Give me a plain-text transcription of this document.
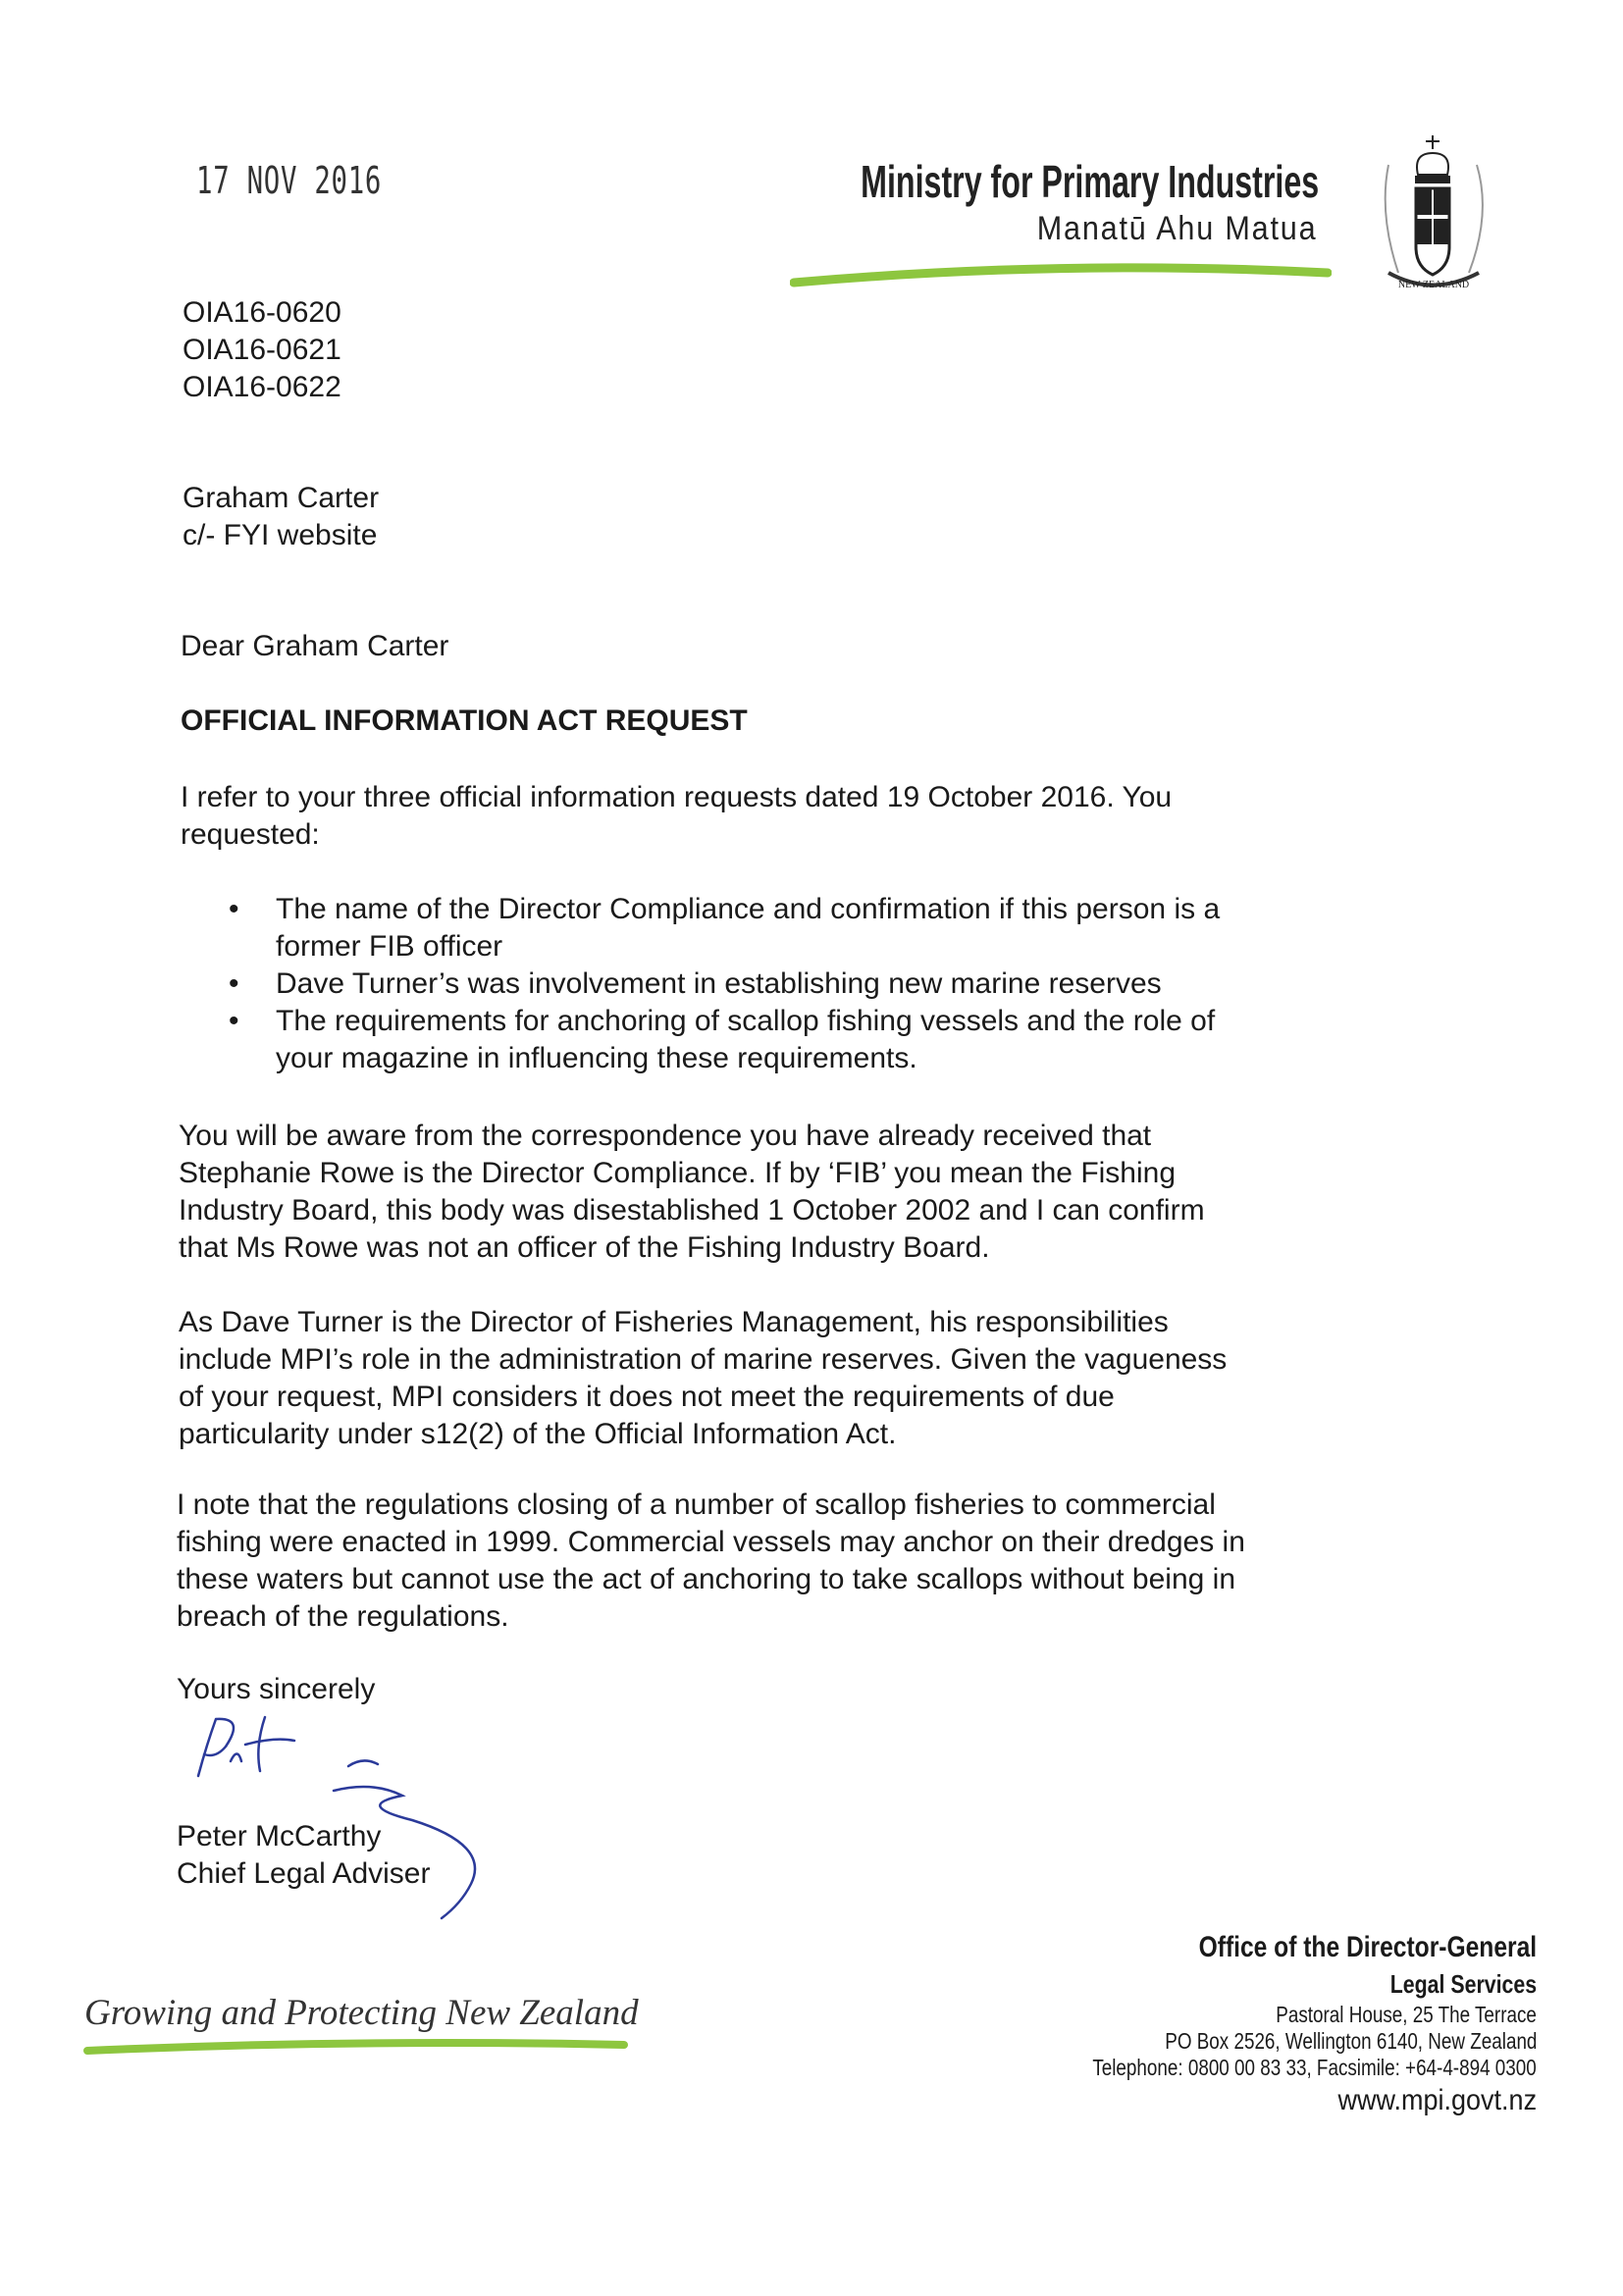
17 NOV 2016	Ministry for Primary Industries
Manatū Ahu Matua
NEW ZEALAND
OIA16-0620
OIA16-0621
OIA16-0622
Graham Carter
c/- FYI website
Dear Graham Carter
OFFICIAL INFORMATION ACT REQUEST
I refer to your three official information requests dated 19 October 2016. You
requested:
• The name of the Director Compliance and confirmation if this person is a
former FIB officer
• Dave Turner’s was involvement in establishing new marine reserves
• The requirements for anchoring of scallop fishing vessels and the role of
your magazine in influencing these requirements.
You will be aware from the correspondence you have already received that
Stephanie Rowe is the Director Compliance. If by ‘FIB’ you mean the Fishing
Industry Board, this body was disestablished 1 October 2002 and I can confirm
that Ms Rowe was not an officer of the Fishing Industry Board.
As Dave Turner is the Director of Fisheries Management, his responsibilities
include MPI’s role in the administration of marine reserves. Given the vagueness
of your request, MPI considers it does not meet the requirements of due
particularity under s12(2) of the Official Information Act.
I note that the regulations closing of a number of scallop fisheries to commercial
fishing were enacted in 1999. Commercial vessels may anchor on their dredges in
these waters but cannot use the act of anchoring to take scallops without being in
breach of the regulations.
Yours sincerely
Peter McCarthy
Chief Legal Adviser
Growing and Protecting New Zealand
Office of the Director-General
Legal Services
Pastoral House, 25 The Terrace
PO Box 2526, Wellington 6140, New Zealand
Telephone: 0800 00 83 33, Facsimile: +64-4-894 0300
www.mpi.govt.nz
